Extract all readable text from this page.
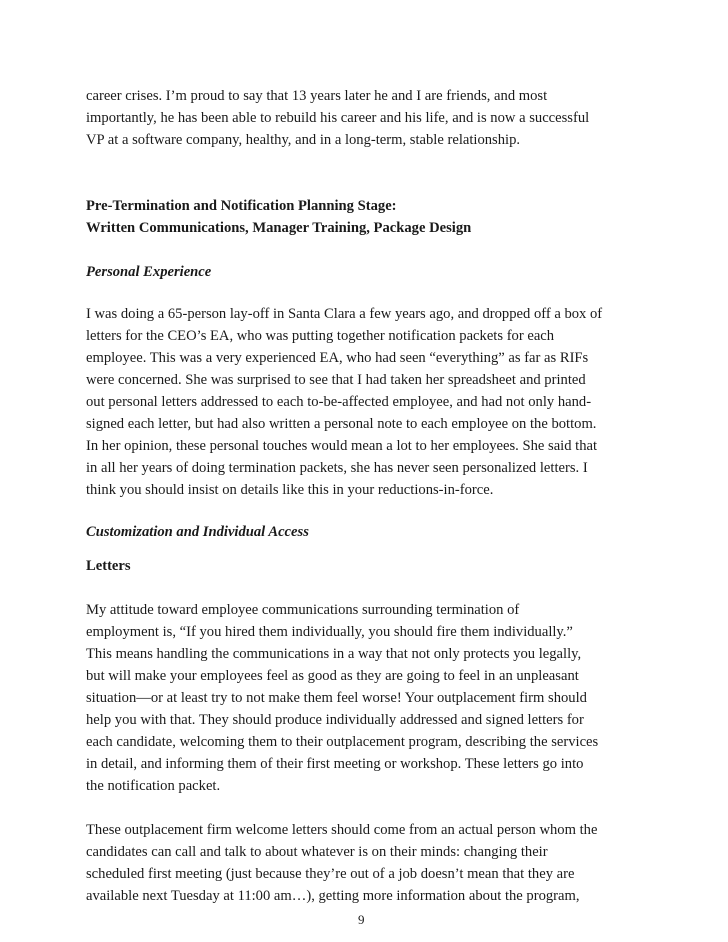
career crises. I’m proud to say that 13 years later he and I are friends, and most
importantly, he has been able to rebuild his career and his life, and is now a successful
VP at a software company, healthy, and in a long-term, stable relationship.
Pre-Termination and Notification Planning Stage:
Written Communications, Manager Training, Package Design
Personal Experience
I was doing a 65-person lay-off in Santa Clara a few years ago, and dropped off a box of
letters for the CEO’s EA, who was putting together notification packets for each
employee. This was a very experienced EA, who had seen “everything” as far as RIFs
were concerned. She was surprised to see that I had taken her spreadsheet and printed
out personal letters addressed to each to-be-affected employee, and had not only hand-
signed each letter, but had also written a personal note to each employee on the bottom.
In her opinion, these personal touches would mean a lot to her employees. She said that
in all her years of doing termination packets, she has never seen personalized letters. I
think you should insist on details like this in your reductions-in-force.
Customization and Individual Access
Letters
My attitude toward employee communications surrounding termination of
employment is, “If you hired them individually, you should fire them individually.”
This means handling the communications in a way that not only protects you legally,
but will make your employees feel as good as they are going to feel in an unpleasant
situation—or at least try to not make them feel worse! Your outplacement firm should
help you with that. They should produce individually addressed and signed letters for
each candidate, welcoming them to their outplacement program, describing the services
in detail, and informing them of their first meeting or workshop. These letters go into
the notification packet.
These outplacement firm welcome letters should come from an actual person whom the
candidates can call and talk to about whatever is on their minds: changing their
scheduled first meeting (just because they’re out of a job doesn’t mean that they are
available next Tuesday at 11:00 am…), getting more information about the program,
9
